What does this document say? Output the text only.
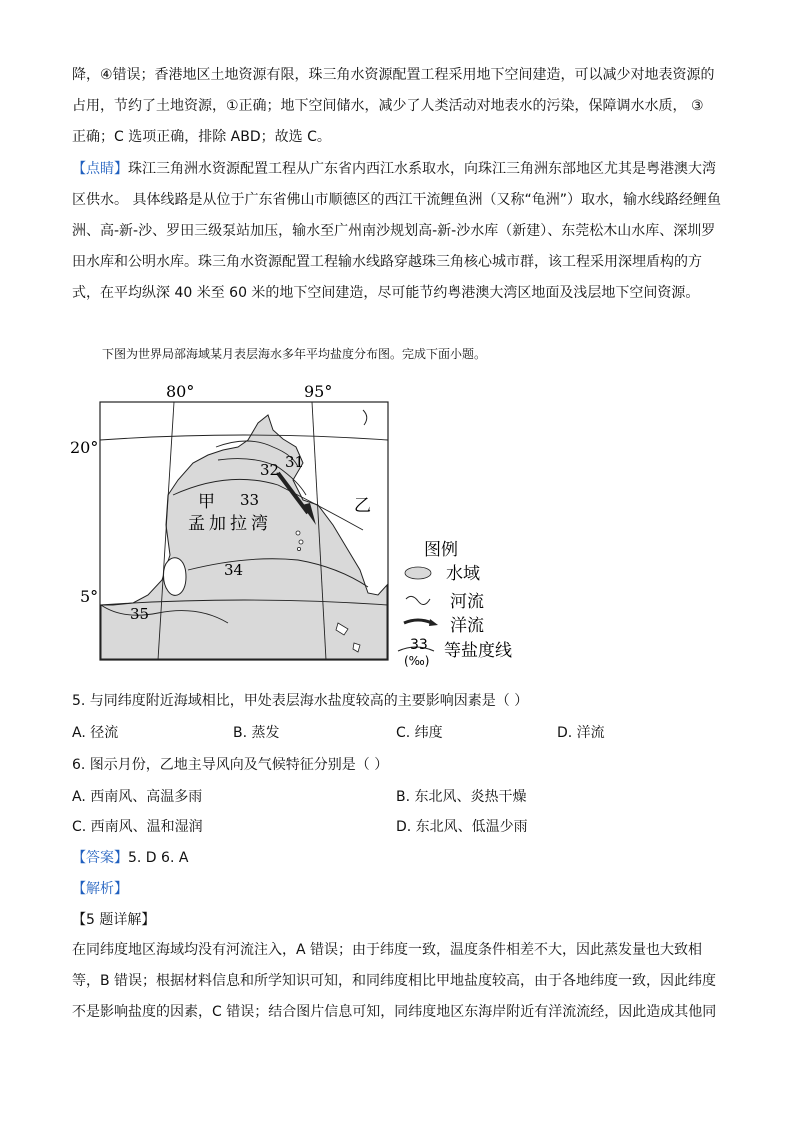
降，④错误；香港地区土地资源有限，珠三角水资源配置工程采用地下空间建造，可以减少对地表资源的
占用，节约了土地资源，①正确；地下空间储水，减少了人类活动对地表水的污染，保障调水水质， ③
正确；C 选项正确，排除 ABD；故选 C。
【点睛】珠江三角洲水资源配置工程从广东省内西江水系取水，向珠江三角洲东部地区尤其是粤港澳大湾
区供水。 具体线路是从位于广东省佛山市顺德区的西江干流鲤鱼洲（又称“龟洲”）取水，输水线路经鲤鱼
洲、高-新-沙、罗田三级泵站加压，输水至广州南沙规划高-新-沙水库（新建）、东莞松木山水库、深圳罗
田水库和公明水库。珠三角水资源配置工程输水线路穿越珠三角核心城市群，该工程采用深埋盾构的方
式，在平均纵深 40 米至 60 米的地下空间建造，尽可能节约粤港澳大湾区地面及浅层地下空间资源。
下图为世界局部海域某月表层海水多年平均盐度分布图。完成下面小题。
80°	95°
20°
5°
31
32
33
34
35
甲
孟加拉湾
乙
图例
水域
河流
洋流
33
(‰) 等盐度线
5. 与同纬度附近海域相比，甲处表层海水盐度较高的主要影响因素是（ ）
A. 径流	B. 蒸发	C. 纬度	D. 洋流
6. 图示月份，乙地主导风向及气候特征分别是（ ）
A. 西南风、高温多雨	B. 东北风、炎热干燥
C. 西南风、温和湿润	D. 东北风、低温少雨
【答案】5. D 6. A
【解析】
【5 题详解】
在同纬度地区海域均没有河流注入，A 错误；由于纬度一致，温度条件相差不大，因此蒸发量也大致相
等，B 错误；根据材料信息和所学知识可知，和同纬度相比甲地盐度较高，由于各地纬度一致，因此纬度
不是影响盐度的因素，C 错误；结合图片信息可知，同纬度地区东海岸附近有洋流流经，因此造成其他同
